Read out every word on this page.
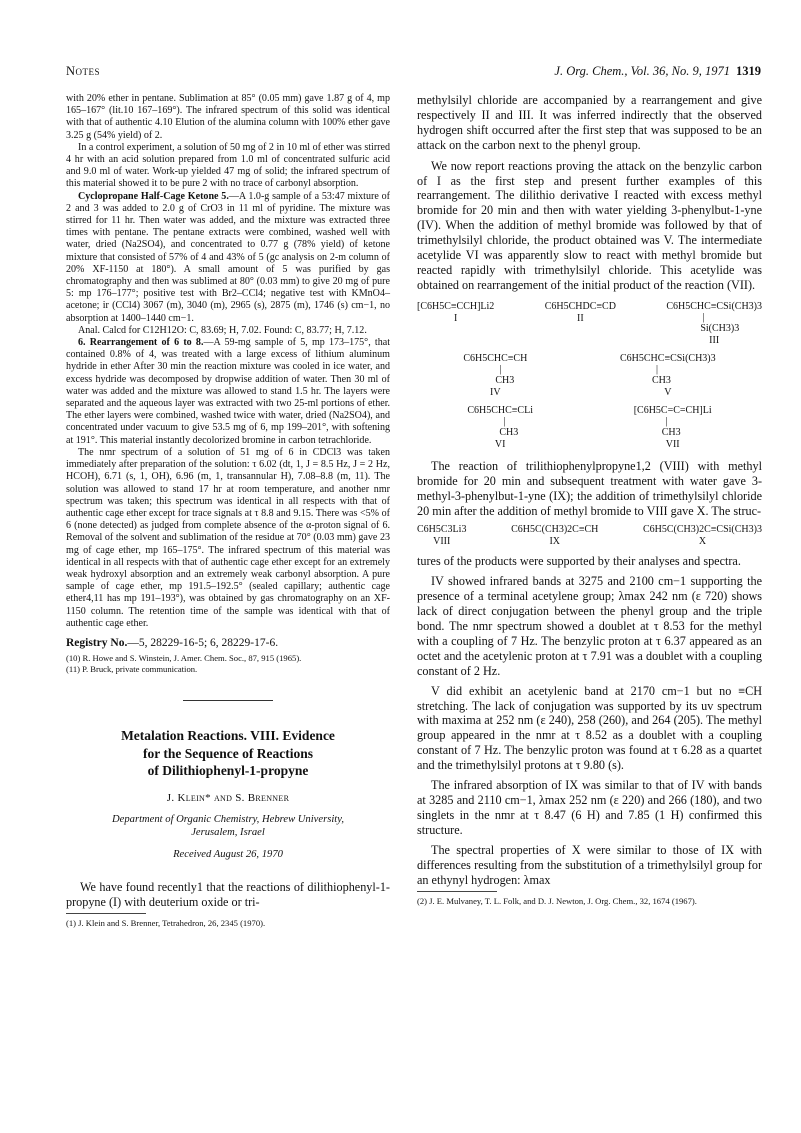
Notes	J. Org. Chem., Vol. 36, No. 9, 1971 1319

with 20% ether in pentane. Sublimation at 85° (0.05 mm) gave 1.87 g of 4, mp 165–167° (lit.10 167–169°). The infrared spectrum of this solid was identical with that of authentic 4.10 Elution of the alumina column with 100% ether gave 3.25 g (54% yield) of 2.

In a control experiment, a solution of 50 mg of 2 in 10 ml of ether was stirred 4 hr with an acid solution prepared from 1.0 ml of concentrated sulfuric acid and 9.0 ml of water. Work-up yielded 47 mg of solid; the infrared spectrum of this material showed it to be pure 2 with no trace of carbonyl absorption.

Cyclopropane Half-Cage Ketone 5.—A 1.0-g sample of a 53:47 mixture of 2 and 3 was added to 2.0 g of CrO3 in 11 ml of pyridine. The mixture was stirred for 11 hr. Then water was added, and the mixture was extracted three times with pentane. The pentane extracts were combined, washed well with water, dried (Na2SO4), and concentrated to 0.77 g (78% yield) of ketone mixture that consisted of 57% of 4 and 43% of 5 (gc analysis on 2-m column of 20% XF-1150 at 180°). A small amount of 5 was purified by gas chromatography and then was sublimed at 80° (0.03 mm) to give 20 mg of pure 5: mp 176–177°; positive test with Br2–CCl4; negative test with KMnO4–acetone; ir (CCl4) 3067 (m), 3040 (m), 2965 (s), 2875 (m), 1746 (s) cm−1, no absorption at 1400–1440 cm−1.

Anal. Calcd for C12H12O: C, 83.69; H, 7.02. Found: C, 83.77; H, 7.12.

6. Rearrangement of 6 to 8.—A 59-mg sample of 5, mp 173–175°, that contained 0.8% of 4, was treated with a large excess of lithium aluminum hydride in ether After 30 min the reaction mixture was cooled in ice water, and excess hydride was decomposed by dropwise addition of water. Then 30 ml of water was added and the mixture was allowed to stand 1.5 hr. The layers were separated and the aqueous layer was extracted with two 25-ml portions of ether. The ether layers were combined, washed twice with water, dried (Na2SO4), and concentrated under vacuum to give 53.5 mg of 6, mp 199–201°, with softening at 191°. This material instantly decolorized bromine in carbon tetrachloride.

The nmr spectrum of a solution of 51 mg of 6 in CDCl3 was taken immediately after preparation of the solution: τ 6.02 (dt, 1, J = 8.5 Hz, J = 2 Hz, HCOH), 6.71 (s, 1, OH), 6.96 (m, 1, transannular H), 7.08–8.8 (m, 11). The solution was allowed to stand 17 hr at room temperature, and another nmr spectrum was taken; this spectrum was identical in all respects with that of authentic cage ether except for trace signals at τ 8.8 and 9.15. There was <5% of 6 (none detected) as judged from complete absence of the α-proton signal of 6. Removal of the solvent and sublimation of the residue at 70° (0.03 mm) gave 23 mg of cage ether, mp 165–175°. The infrared spectrum of this material was identical in all respects with that of authentic cage ether except for an extremely weak hydroxyl absorption and an extremely weak carbonyl absorption. A pure sample of cage ether, mp 191.5–192.5° (sealed capillary; authentic cage ether4,11 has mp 191–193°), was obtained by gas chromatography on an XF-1150 column. The retention time of the sample was identical with that of authentic cage ether.

Registry No.—5, 28229-16-5; 6, 28229-17-6.
(10) R. Howe and S. Winstein, J. Amer. Chem. Soc., 87, 915 (1965).
(11) P. Bruck, private communication.
Metalation Reactions. VIII. Evidence
for the Sequence of Reactions
of Dilithiophenyl-1-propyne
J. Klein* and S. Brenner
Department of Organic Chemistry, Hebrew University,
Jerusalem, Israel
Received August 26, 1970

We have found recently1 that the reactions of dilithiophenyl-1-propyne (I) with deuterium oxide or tri-

(1) J. Klein and S. Brenner, Tetrahedron, 26, 2345 (1970).

methylsilyl chloride are accompanied by a rearrangement and give respectively II and III. It was inferred indirectly that the observed hydrogen shift occurred after the first step that was supposed to be an attack on the carbon next to the phenyl group.

We now report reactions proving the attack on the benzylic carbon of I as the first step and present further examples of this rearrangement. The dilithio derivative I reacted with excess methyl bromide for 20 min and then with water yielding 3-phenylbut-1-yne (IV). When the addition of methyl bromide was followed by that of trimethylsilyl chloride, the product obtained was V. The intermediate acetylide VI was apparently slow to react with methyl bromide but reacted rapidly with trimethylsilyl chloride. This acetylide was obtained on rearrangement of the initial product of the reaction (VII).

[C6H5C≡CCH]Li2
I
C6H5CHDC≡CD
II
C6H5CHC≡CSi(CH3)3
|
Si(CH3)3
III
C6H5CHC≡CH
|
CH3
IV
C6H5CHC≡CSi(CH3)3
|
CH3
V
C6H5CHC≡CLi
|
CH3
VI
[C6H5C=C=CH]Li
|
CH3
VII

The reaction of trilithiophenylpropyne1,2 (VIII) with methyl bromide for 20 min and subsequent treatment with water gave 3-methyl-3-phenylbut-1-yne (IX); the addition of trimethylsilyl chloride 20 min after the addition of methyl bromide to VIII gave X. The struc-

C6H5C3Li3
VIII
C6H5C(CH3)2C≡CH
IX
C6H5C(CH3)2C≡CSi(CH3)3
X

tures of the products were supported by their analyses and spectra.

IV showed infrared bands at 3275 and 2100 cm−1 supporting the presence of a terminal acetylene group; λmax 242 nm (ε 720) shows lack of direct conjugation between the phenyl group and the triple bond. The nmr spectrum showed a doublet at τ 8.53 for the methyl with a coupling of 7 Hz. The benzylic proton at τ 6.37 appeared as an octet and the acetylenic proton at τ 7.91 was a doublet with a coupling constant of 2 Hz.

V did exhibit an acetylenic band at 2170 cm−1 but no ≡CH stretching. The lack of conjugation was supported by its uv spectrum with maxima at 252 nm (ε 240), 258 (260), and 264 (205). The methyl group appeared in the nmr at τ 8.52 as a doublet with a coupling constant of 7 Hz. The benzylic proton was found at τ 6.28 as a quartet and the trimethylsilyl protons at τ 9.80 (s).

The infrared absorption of IX was similar to that of IV with bands at 3285 and 2110 cm−1, λmax 252 nm (ε 220) and 266 (180), and two singlets in the nmr at τ 8.47 (6 H) and 7.85 (1 H) confirmed this structure.

The spectral properties of X were similar to those of IX with differences resulting from the substitution of a trimethylsilyl group for an ethynyl hydrogen: λmax

(2) J. E. Mulvaney, T. L. Folk, and D. J. Newton, J. Org. Chem., 32, 1674 (1967).
